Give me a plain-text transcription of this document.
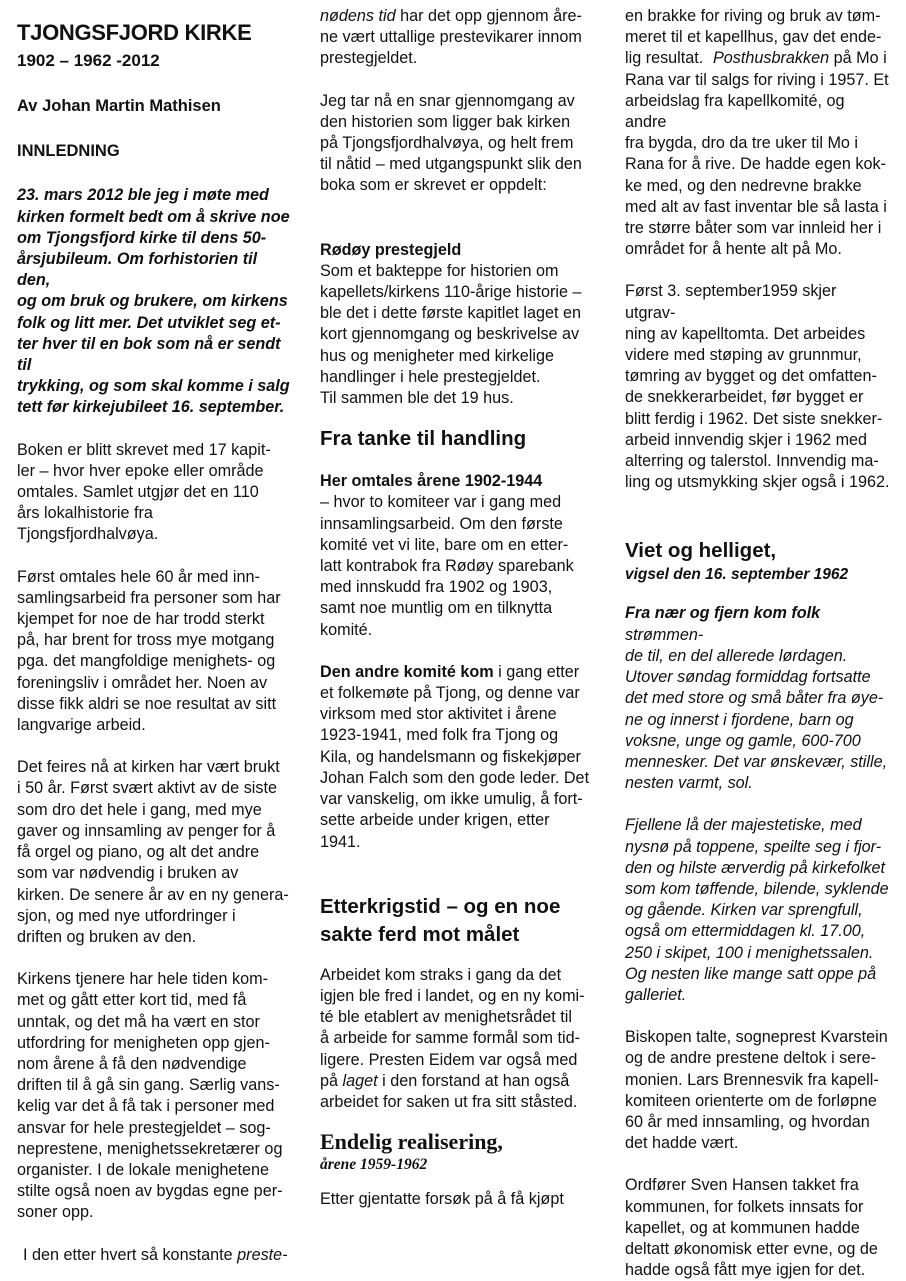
TJONGSFJORD KIRKE

1902 – 1962 -2012

Av Johan Martin Mathisen

INNLEDNING

23. mars 2012 ble jeg i møte med

kirken formelt bedt om å skrive noe

om Tjongsfjord kirke til dens 50-

årsjubileum. Om forhistorien til den,

og om bruk og brukere, om kirkens

folk og litt mer. Det utviklet seg et-

ter hver til en bok som nå er sendt til

trykking, og som skal komme i salg

tett før kirkejubileet 16. september.

Boken er blitt skrevet med 17 kapit-

ler – hvor hver epoke eller område

omtales. Samlet utgjør det en 110

års lokalhistorie fra

Tjongsfjordhalvøya.

Først omtales hele 60 år med inn-

samlingsarbeid fra personer som har

kjempet for noe de har trodd sterkt

på, har brent for tross mye motgang

pga. det mangfoldige menighets- og

foreningsliv i området her. Noen av

disse fikk aldri se noe resultat av sitt

langvarige arbeid.

Det feires nå at kirken har vært brukt

i 50 år. Først svært aktivt av de siste

som dro det hele i gang, med mye

gaver og innsamling av penger for å

få orgel og piano, og alt det andre

som var nødvendig i bruken av

kirken. De senere år av en ny genera-

sjon, og med nye utfordringer i

driften og bruken av den.

Kirkens tjenere har hele tiden kom-

met og gått etter kort tid, med få

unntak, og det må ha vært en stor

utfordring for menigheten opp gjen-

nom årene å få den nødvendige

driften til å gå sin gang. Særlig vans-

kelig var det å få tak i personer med

ansvar for hele prestegjeldet – sog-

neprestene, menighetssekretærer og

organister. I de lokale menighetene

stilte også noen av bygdas egne per-

soner opp.

I den etter hvert så konstante preste-

nødens tid har det opp gjennom åre-

ne vært uttallige prestevikarer innom

prestegjeldet.

Jeg tar nå en snar gjennomgang av

den historien som ligger bak kirken

på Tjongsfjordhalvøya, og helt frem

til nåtid – med utgangspunkt slik den

boka som er skrevet er oppdelt:

Rødøy prestegjeld

Som et bakteppe for historien om

kapellets/kirkens 110-årige historie –

ble det i dette første kapitlet laget en

kort gjennomgang og beskrivelse av

hus og menigheter med kirkelige

handlinger i hele prestegjeldet.

Til sammen ble det 19 hus.

Fra tanke til handling

Her omtales årene 1902-1944

– hvor to komiteer var i gang med

innsamlingsarbeid. Om den første

komité vet vi lite, bare om en etter-

latt kontrabok fra Rødøy sparebank

med innskudd fra 1902 og 1903,

samt noe muntlig om en tilknytta

komité.

Den andre komité kom i gang etter

et folkemøte på Tjong, og denne var

virksom med stor aktivitet i årene

1923-1941, med folk fra Tjong og

Kila, og handelsmann og fiskekjøper

Johan Falch som den gode leder. Det

var vanskelig, om ikke umulig, å fort-

sette arbeide under krigen, etter

1941.

Etterkrigstid – og en noe
sakte ferd mot målet

Arbeidet kom straks i gang da det

igjen ble fred i landet, og en ny komi-

té ble etablert av menighetsrådet til

å arbeide for samme formål som tid-

ligere. Presten Eidem var også med

på laget i den forstand at han også

arbeidet for saken ut fra sitt ståsted.

Endelig realisering,

årene 1959-1962

Etter gjentatte forsøk på å få kjøpt

en brakke for riving og bruk av tøm-

meret til et kapellhus, gav det ende-

lig resultat. Posthusbrakken på Mo i

Rana var til salgs for riving i 1957. Et

arbeidslag fra kapellkomité, og andre

fra bygda, dro da tre uker til Mo i

Rana for å rive. De hadde egen kok-

ke med, og den nedrevne brakke

med alt av fast inventar ble så lasta i

tre større båter som var innleid her i

området for å hente alt på Mo.

Først 3. september1959 skjer utgrav-

ning av kapelltomta. Det arbeides

videre med støping av grunnmur,

tømring av bygget og det omfatten-

de snekkerarbeidet, før bygget er

blitt ferdig i 1962. Det siste snekker-

arbeid innvendig skjer i 1962 med

alterring og talerstol. Innvendig ma-

ling og utsmykking skjer også i 1962.

Viet og helliget,

vigsel den 16. september 1962

Fra nær og fjern kom folk strømmen-

de til, en del allerede lørdagen.

Utover søndag formiddag fortsatte

det med store og små båter fra øye-

ne og innerst i fjordene, barn og

voksne, unge og gamle, 600-700

mennesker. Det var ønskevær, stille,

nesten varmt, sol.

Fjellene lå der majestetiske, med

nysnø på toppene, speilte seg i fjor-

den og hilste ærverdig på kirkefolket

som kom tøffende, bilende, syklende

og gående. Kirken var sprengfull,

også om ettermiddagen kl. 17.00,

250 i skipet, 100 i menighetssalen.

Og nesten like mange satt oppe på

galleriet.

Biskopen talte, sogneprest Kvarstein

og de andre prestene deltok i sere-

monien. Lars Brennesvik fra kapell-

komiteen orienterte om de forløpne

60 år med innsamling, og hvordan

det hadde vært.

Ordfører Sven Hansen takket fra

kommunen, for folkets innsats for

kapellet, og at kommunen hadde

deltatt økonomisk etter evne, og de

hadde også fått mye igjen for det.
